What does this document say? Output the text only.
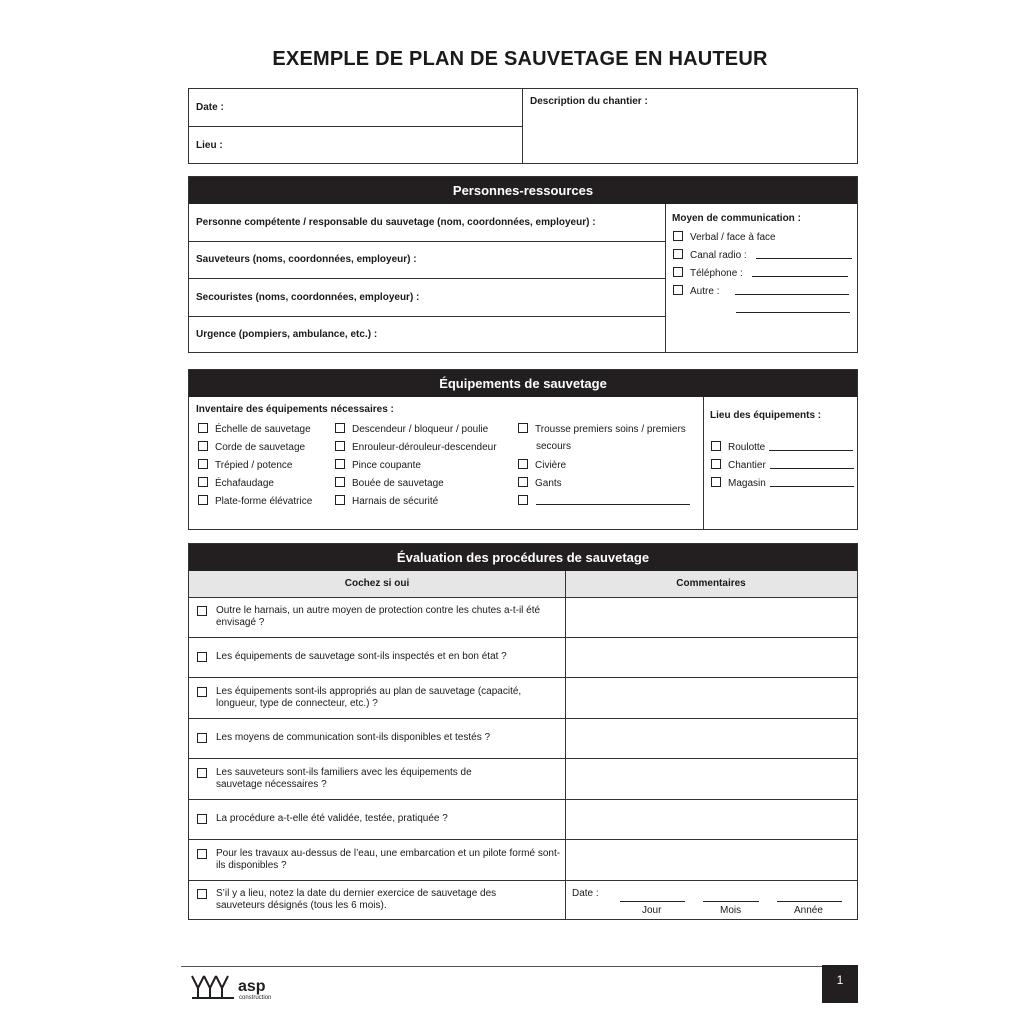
EXEMPLE DE PLAN DE SAUVETAGE EN HAUTEUR
Date :
Lieu :
Description du chantier :
Personnes-ressources
Personne compétente / responsable du sauvetage (nom, coordonnées, employeur) :
Sauveteurs (noms, coordonnées, employeur) :
Secouristes (noms, coordonnées, employeur) :
Urgence (pompiers, ambulance, etc.) :
Moyen de communication :
Verbal / face à face
Canal radio :
Téléphone :
Autre :
Équipements de sauvetage
Inventaire des équipements nécessaires :
Échelle de sauvetage
Corde de sauvetage
Trépied / potence
Échafaudage
Plate-forme élévatrice
Descendeur / bloqueur / poulie
Enrouleur-dérouleur-descendeur
Pince coupante
Bouée de sauvetage
Harnais de sécurité
Trousse premiers soins / premiers
secours
Civière
Gants
Lieu des équipements :
Roulotte
Chantier
Magasin
Évaluation des procédures de sauvetage
Cochez si oui	Commentaires
Outre le harnais, un autre moyen de protection contre les chutes a-t-il été envisagé ?
Les équipements de sauvetage sont-ils inspectés et en bon état ?
Les équipements sont-ils appropriés au plan de sauvetage (capacité, longueur, type de connecteur, etc.) ?
Les moyens de communication sont-ils disponibles et testés ?
Les sauveteurs sont-ils familiers avec les équipements de sauvetage nécessaires ?
La procédure a-t-elle été validée, testée, pratiquée ?
Pour les travaux au-dessus de l’eau, une embarcation et un pilote formé sont-ils disponibles ?
S’il y a lieu, notez la date du dernier exercice de sauvetage des sauveteurs désignés (tous les 6 mois).
Date :
Jour	Mois	Année
asp
construction
1
